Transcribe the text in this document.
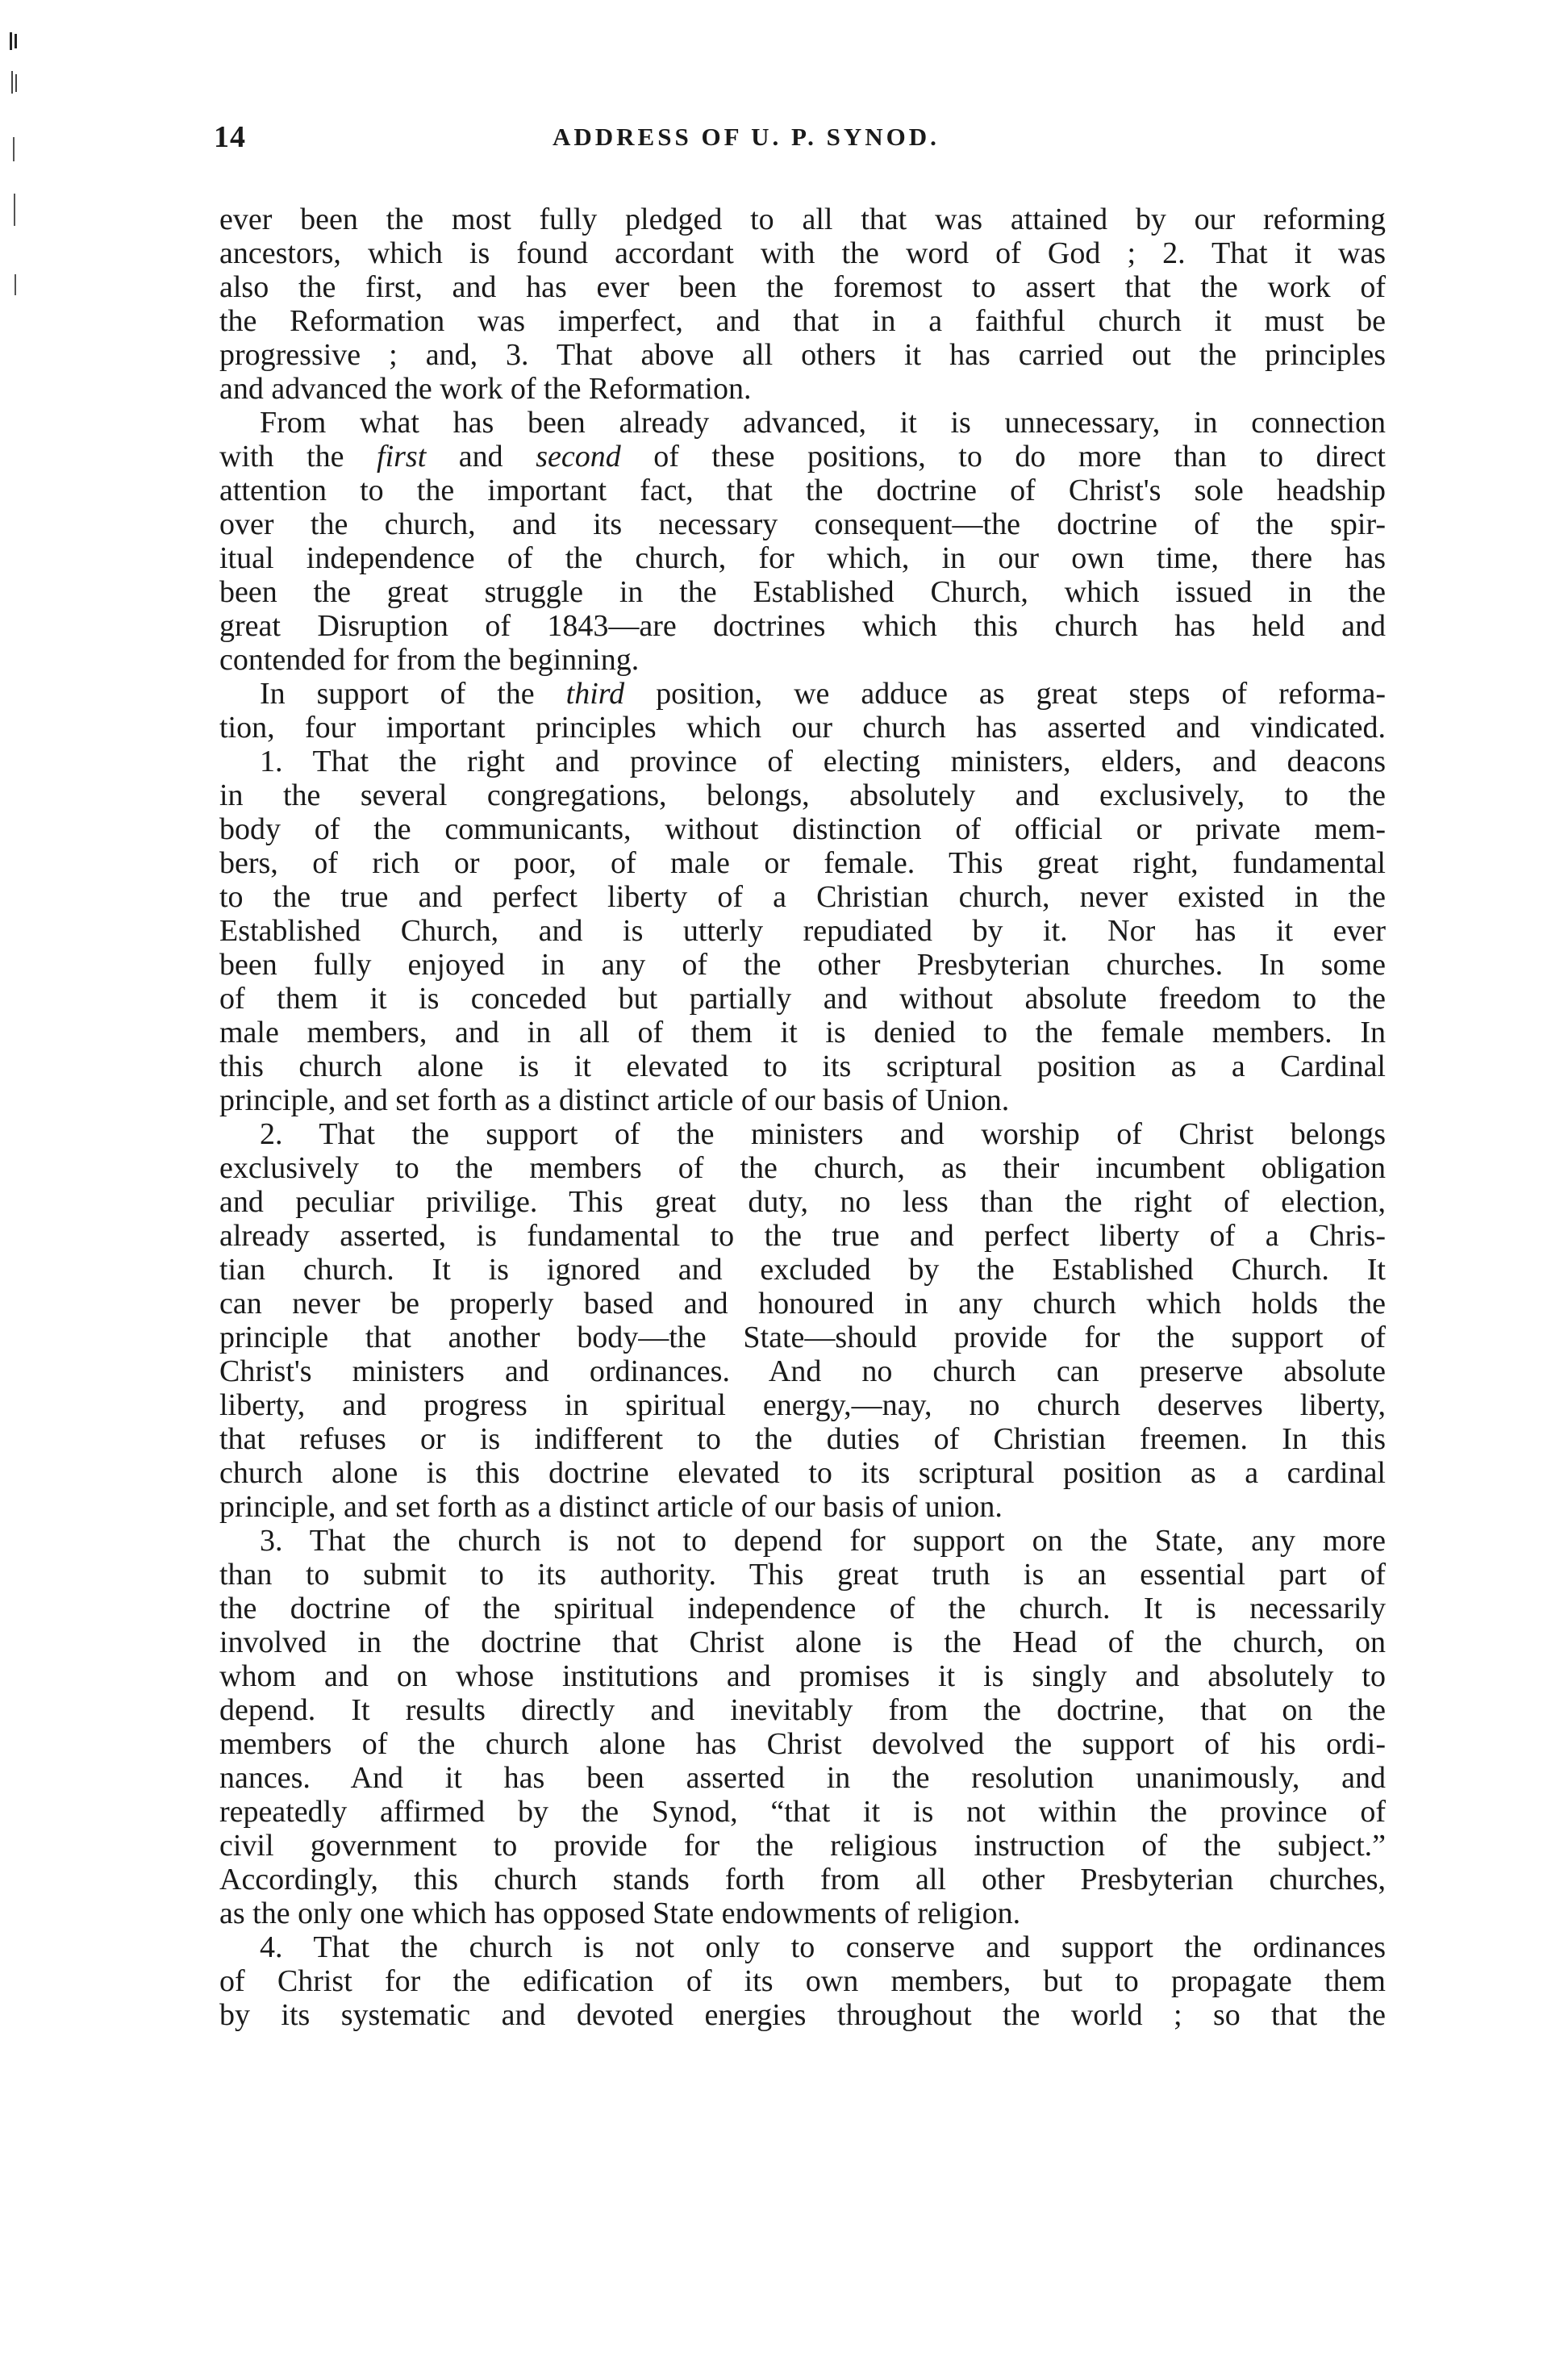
14	ADDRESS OF U. P. SYNOD.
ever been the most fully pledged to all that was attained by our reforming
ancestors, which is found accordant with the word of God ; 2. That it was
also the first, and has ever been the foremost to assert that the work of
the Reformation was imperfect, and that in a faithful church it must be
progressive ; and, 3. That above all others it has carried out the principles
and advanced the work of the Reformation.
From what has been already advanced, it is unnecessary, in connection
with the first and second of these positions, to do more than to direct
attention to the important fact, that the doctrine of Christ's sole headship
over the church, and its necessary consequent—the doctrine of the spir-
itual independence of the church, for which, in our own time, there has
been the great struggle in the Established Church, which issued in the
great Disruption of 1843—are doctrines which this church has held and
contended for from the beginning.
In support of the third position, we adduce as great steps of reforma-
tion, four important principles which our church has asserted and vindicated.
1. That the right and province of electing ministers, elders, and deacons
in the several congregations, belongs, absolutely and exclusively, to the
body of the communicants, without distinction of official or private mem-
bers, of rich or poor, of male or female. This great right, fundamental
to the true and perfect liberty of a Christian church, never existed in the
Established Church, and is utterly repudiated by it. Nor has it ever
been fully enjoyed in any of the other Presbyterian churches. In some
of them it is conceded but partially and without absolute freedom to the
male members, and in all of them it is denied to the female members. In
this church alone is it elevated to its scriptural position as a Cardinal
principle, and set forth as a distinct article of our basis of Union.
2. That the support of the ministers and worship of Christ belongs
exclusively to the members of the church, as their incumbent obligation
and peculiar privilige. This great duty, no less than the right of election,
already asserted, is fundamental to the true and perfect liberty of a Chris-
tian church. It is ignored and excluded by the Established Church. It
can never be properly based and honoured in any church which holds the
principle that another body—the State—should provide for the support of
Christ's ministers and ordinances. And no church can preserve absolute
liberty, and progress in spiritual energy,—nay, no church deserves liberty,
that refuses or is indifferent to the duties of Christian freemen. In this
church alone is this doctrine elevated to its scriptural position as a cardinal
principle, and set forth as a distinct article of our basis of union.
3. That the church is not to depend for support on the State, any more
than to submit to its authority. This great truth is an essential part of
the doctrine of the spiritual independence of the church. It is necessarily
involved in the doctrine that Christ alone is the Head of the church, on
whom and on whose institutions and promises it is singly and absolutely to
depend. It results directly and inevitably from the doctrine, that on the
members of the church alone has Christ devolved the support of his ordi-
nances. And it has been asserted in the resolution unanimously, and
repeatedly affirmed by the Synod, “that it is not within the province of
civil government to provide for the religious instruction of the subject.”
Accordingly, this church stands forth from all other Presbyterian churches,
as the only one which has opposed State endowments of religion.
4. That the church is not only to conserve and support the ordinances
of Christ for the edification of its own members, but to propagate them
by its systematic and devoted energies throughout the world ; so that the
